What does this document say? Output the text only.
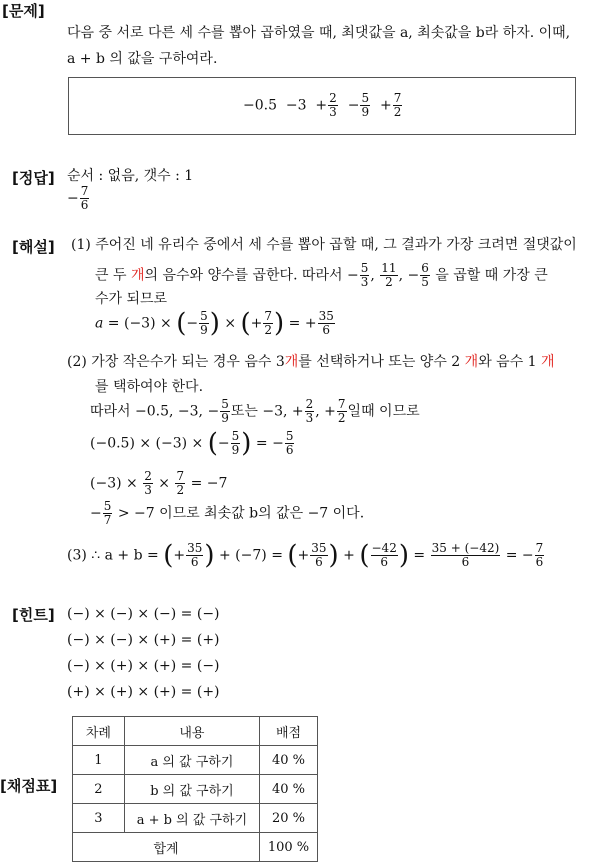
[문제]
다음 중 서로 다른 세 수를 뽑아 곱하였을 때, 최댓값을 a, 최솟값을 b라 하자. 이때,
a + b 의 값을 구하여라.
$-0.5 -3 + \frac{2}{3} - \frac{5}{9} + \frac{7}{2}$
[정답] 순서 : 없음, 갯수 : 1
− $\frac{7}{6}$
[해설] (1) 주어진 네 유리수 중에서 세 수를 뽑아 곱할 때, 그 결과가 가장 크려면 절댓값이
큰 두 개의 음수와 양수를 곱한다. 따라서 − $\frac{5}{3}$ , $\frac{11}{2}$ , − $\frac{6}{5}$ 을 곱할 때 가장 큰
수가 되므로
a = (−3) × (− $\frac{5}{9}$ ) × (+ $\frac{7}{2}$ ) = + $\frac{35}{6}$
(2) 가장 작은수가 되는 경우 음수 3개를 선택하거나 또는 양수 2 개와 음수 1 개
를 택하여야 한다.
따라서 −0.5, −3, − $\frac{5}{9}$ 또는 −3, + $\frac{2}{3}$ , + $\frac{7}{2}$ 일때 이므로
(−0.5) × (−3) × (− $\frac{5}{9}$ ) = − $\frac{5}{6}$
$(-3) \times \frac{2}{3} \times \frac{7}{2} = -7$
− $\frac{5}{7} > -7$ 이므로 최솟값 b의 값은 −7 이다.
(3) ∴ a + b = (+ $\frac{35}{6}$ ) + (−7) = (+ $\frac{35}{6}$ ) + ( $\frac{-42}{6}$ ) = $\frac{35 + (-42)}{6}$ = − $\frac{7}{6}$
[힌트] (−) × (−) × (−) = (−)
(−) × (−) × (+) = (+)
(−) × (+) × (+) = (−)
(+) × (+) × (+) = (+)
[채점표]
차례	내용	배점
1	a 의 값 구하기	40 %
2	b 의 값 구하기	40 %
3	a + b 의 값 구하기	20 %
합계		100 %
